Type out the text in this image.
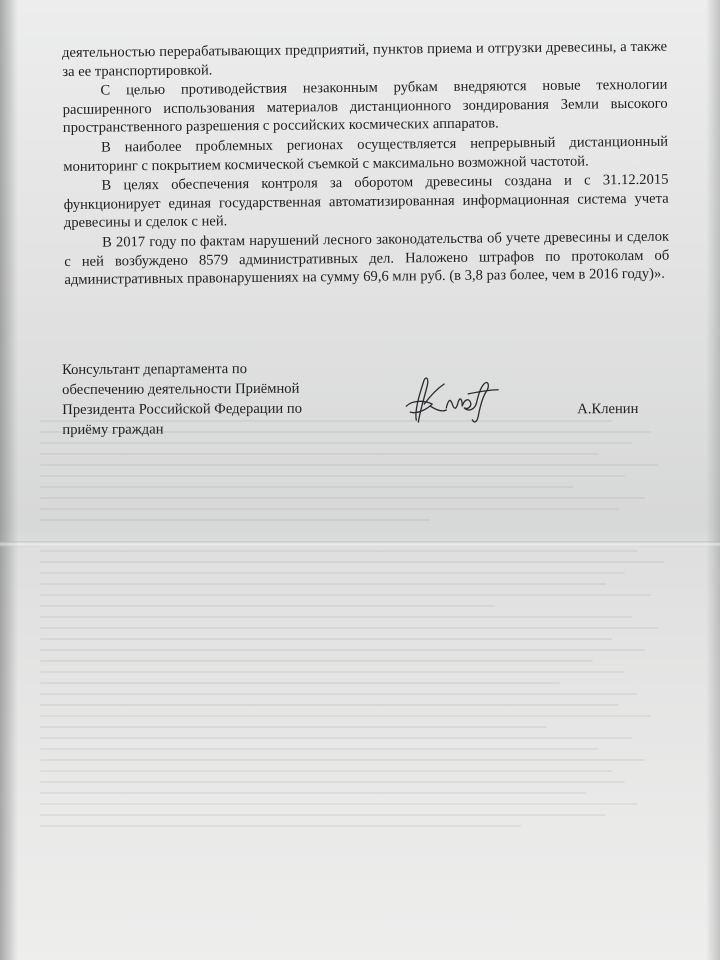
деятельностью перерабатывающих предприятий, пунктов приема и отгрузки древесины, а также за ее транспортировкой.

С целью противодействия незаконным рубкам внедряются новые технологии расширенного использования материалов дистанционного зондирования Земли высокого пространственного разрешения с российских космических аппаратов.

В наиболее проблемных регионах осуществляется непрерывный дистанционный мониторинг с покрытием космической съемкой с максимально возможной частотой.

В целях обеспечения контроля за оборотом древесины создана и с 31.12.2015 функционирует единая государственная автоматизированная информационная система учета древесины и сделок с ней.

В 2017 году по фактам нарушений лесного законодательства об учете древесины и сделок с ней возбуждено 8579 административных дел. Наложено штрафов по протоколам об административных правонарушениях на сумму 69,6 млн руб. (в 3,8 раз более, чем в 2016 году)».

Консультант департамента по
обеспечению деятельности Приёмной
Президента Российской Федерации по
приёму граждан
А.Кленин
